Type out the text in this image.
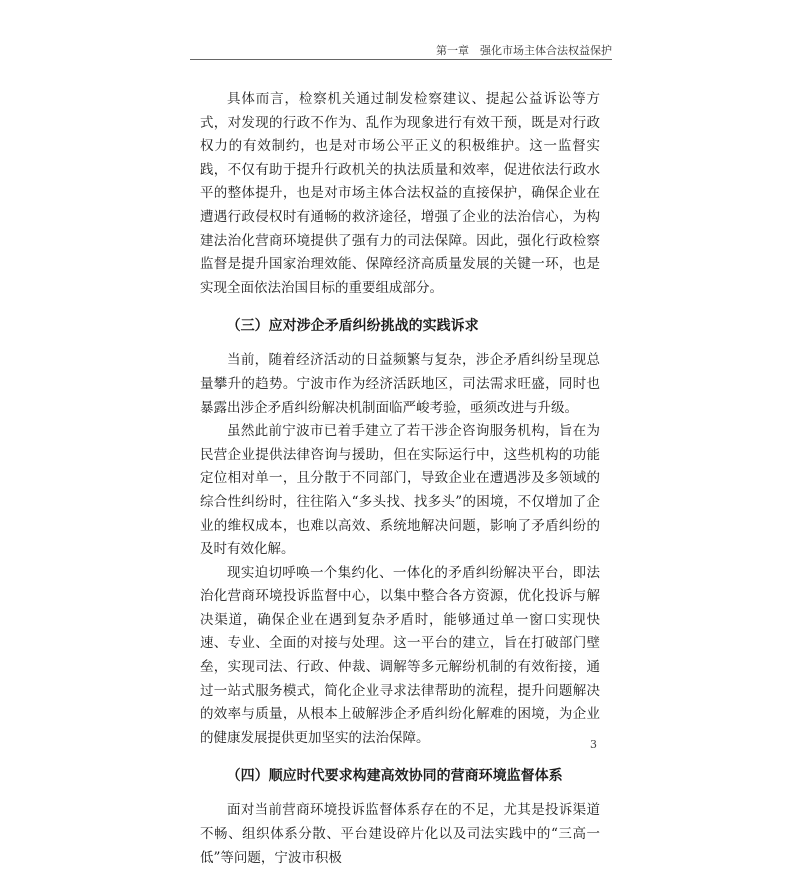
第一章　强化市场主体合法权益保护

具体而言，检察机关通过制发检察建议、提起公益诉讼等方式，对发现的行政不作为、乱作为现象进行有效干预，既是对行政权力的有效制约，也是对市场公平正义的积极维护。这一监督实践，不仅有助于提升行政机关的执法质量和效率，促进依法行政水平的整体提升，也是对市场主体合法权益的直接保护，确保企业在遭遇行政侵权时有通畅的救济途径，增强了企业的法治信心，为构建法治化营商环境提供了强有力的司法保障。因此，强化行政检察监督是提升国家治理效能、保障经济高质量发展的关键一环，也是实现全面依法治国目标的重要组成部分。

（三）应对涉企矛盾纠纷挑战的实践诉求

当前，随着经济活动的日益频繁与复杂，涉企矛盾纠纷呈现总量攀升的趋势。宁波市作为经济活跃地区，司法需求旺盛，同时也暴露出涉企矛盾纠纷解决机制面临严峻考验，亟须改进与升级。

虽然此前宁波市已着手建立了若干涉企咨询服务机构，旨在为民营企业提供法律咨询与援助，但在实际运行中，这些机构的功能定位相对单一，且分散于不同部门，导致企业在遭遇涉及多领域的综合性纠纷时，往往陷入“多头找、找多头”的困境，不仅增加了企业的维权成本，也难以高效、系统地解决问题，影响了矛盾纠纷的及时有效化解。

现实迫切呼唤一个集约化、一体化的矛盾纠纷解决平台，即法治化营商环境投诉监督中心，以集中整合各方资源，优化投诉与解决渠道，确保企业在遇到复杂矛盾时，能够通过单一窗口实现快速、专业、全面的对接与处理。这一平台的建立，旨在打破部门壁垒，实现司法、行政、仲裁、调解等多元解纷机制的有效衔接，通过一站式服务模式，简化企业寻求法律帮助的流程，提升问题解决的效率与质量，从根本上破解涉企矛盾纠纷化解难的困境，为企业的健康发展提供更加坚实的法治保障。

（四）顺应时代要求构建高效协同的营商环境监督体系

面对当前营商环境投诉监督体系存在的不足，尤其是投诉渠道不畅、组织体系分散、平台建设碎片化以及司法实践中的“三高一低”等问题，宁波市积极

3
